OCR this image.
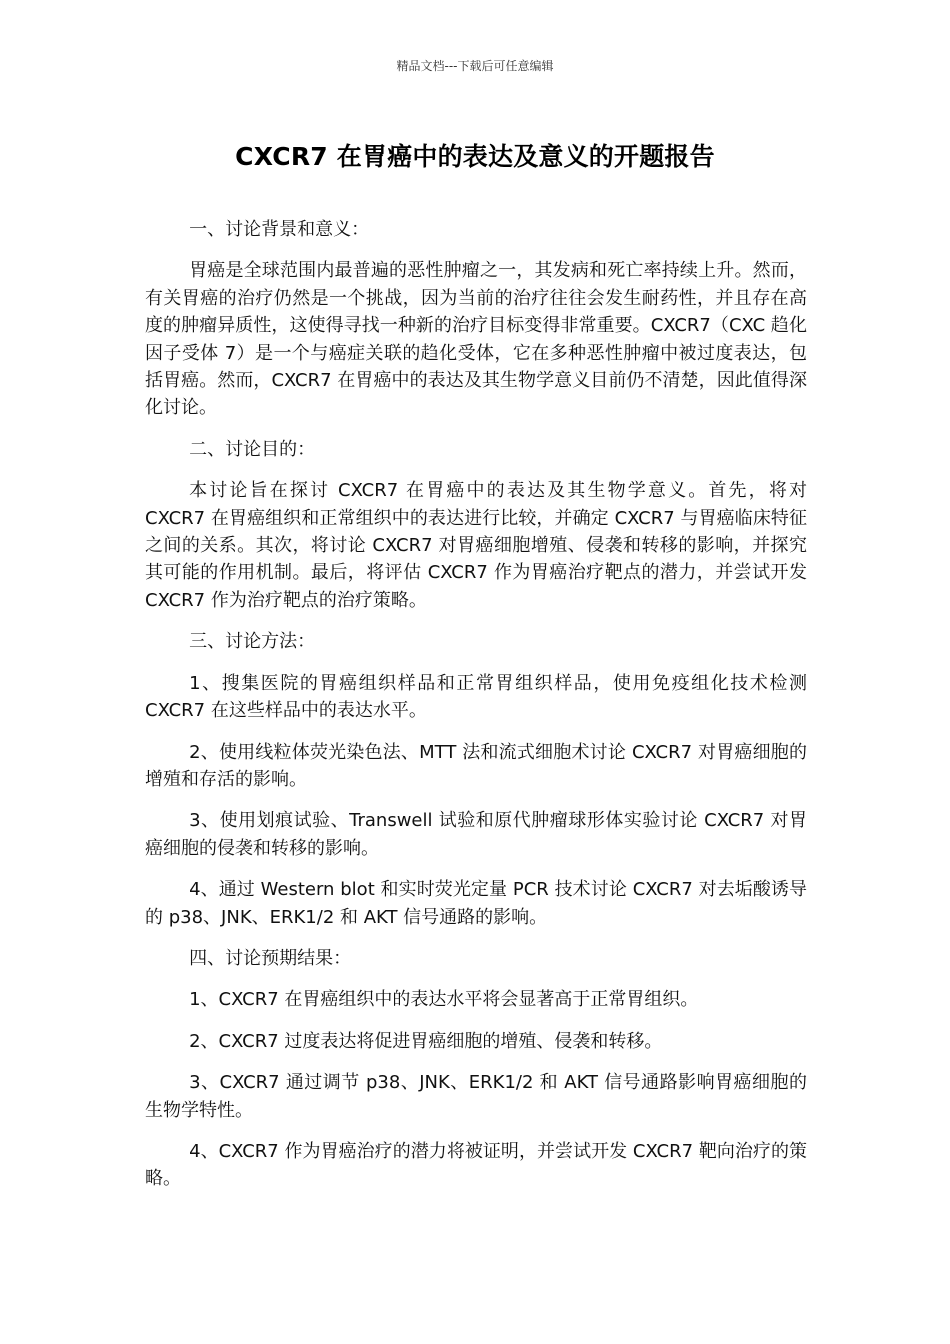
精品文档---下载后可任意编辑
CXCR7 在胃癌中的表达及意义的开题报告

一、讨论背景和意义：

胃癌是全球范围内最普遍的恶性肿瘤之一，其发病和死亡率持续上升。然而，有关胃癌的治疗仍然是一个挑战，因为当前的治疗往往会发生耐药性，并且存在高度的肿瘤异质性，这使得寻找一种新的治疗目标变得非常重要。CXCR7（CXC 趋化因子受体 7）是一个与癌症关联的趋化受体，它在多种恶性肿瘤中被过度表达，包括胃癌。然而，CXCR7 在胃癌中的表达及其生物学意义目前仍不清楚，因此值得深化讨论。

二、讨论目的：

本讨论旨在探讨 CXCR7 在胃癌中的表达及其生物学意义。首先，将对 CXCR7 在胃癌组织和正常组织中的表达进行比较，并确定 CXCR7 与胃癌临床特征之间的关系。其次，将讨论 CXCR7 对胃癌细胞增殖、侵袭和转移的影响，并探究其可能的作用机制。最后，将评估 CXCR7 作为胃癌治疗靶点的潜力，并尝试开发 CXCR7 作为治疗靶点的治疗策略。

三、讨论方法：

1、搜集医院的胃癌组织样品和正常胃组织样品，使用免疫组化技术检测 CXCR7 在这些样品中的表达水平。

2、使用线粒体荧光染色法、MTT 法和流式细胞术讨论 CXCR7 对胃癌细胞的增殖和存活的影响。

3、使用划痕试验、Transwell 试验和原代肿瘤球形体实验讨论 CXCR7 对胃癌细胞的侵袭和转移的影响。

4、通过 Western blot 和实时荧光定量 PCR 技术讨论 CXCR7 对去垢酸诱导的 p38、JNK、ERK1/2 和 AKT 信号通路的影响。

四、讨论预期结果：

1、CXCR7 在胃癌组织中的表达水平将会显著高于正常胃组织。

2、CXCR7 过度表达将促进胃癌细胞的增殖、侵袭和转移。

3、CXCR7 通过调节 p38、JNK、ERK1/2 和 AKT 信号通路影响胃癌细胞的生物学特性。

4、CXCR7 作为胃癌治疗的潜力将被证明，并尝试开发 CXCR7 靶向治疗的策略。
